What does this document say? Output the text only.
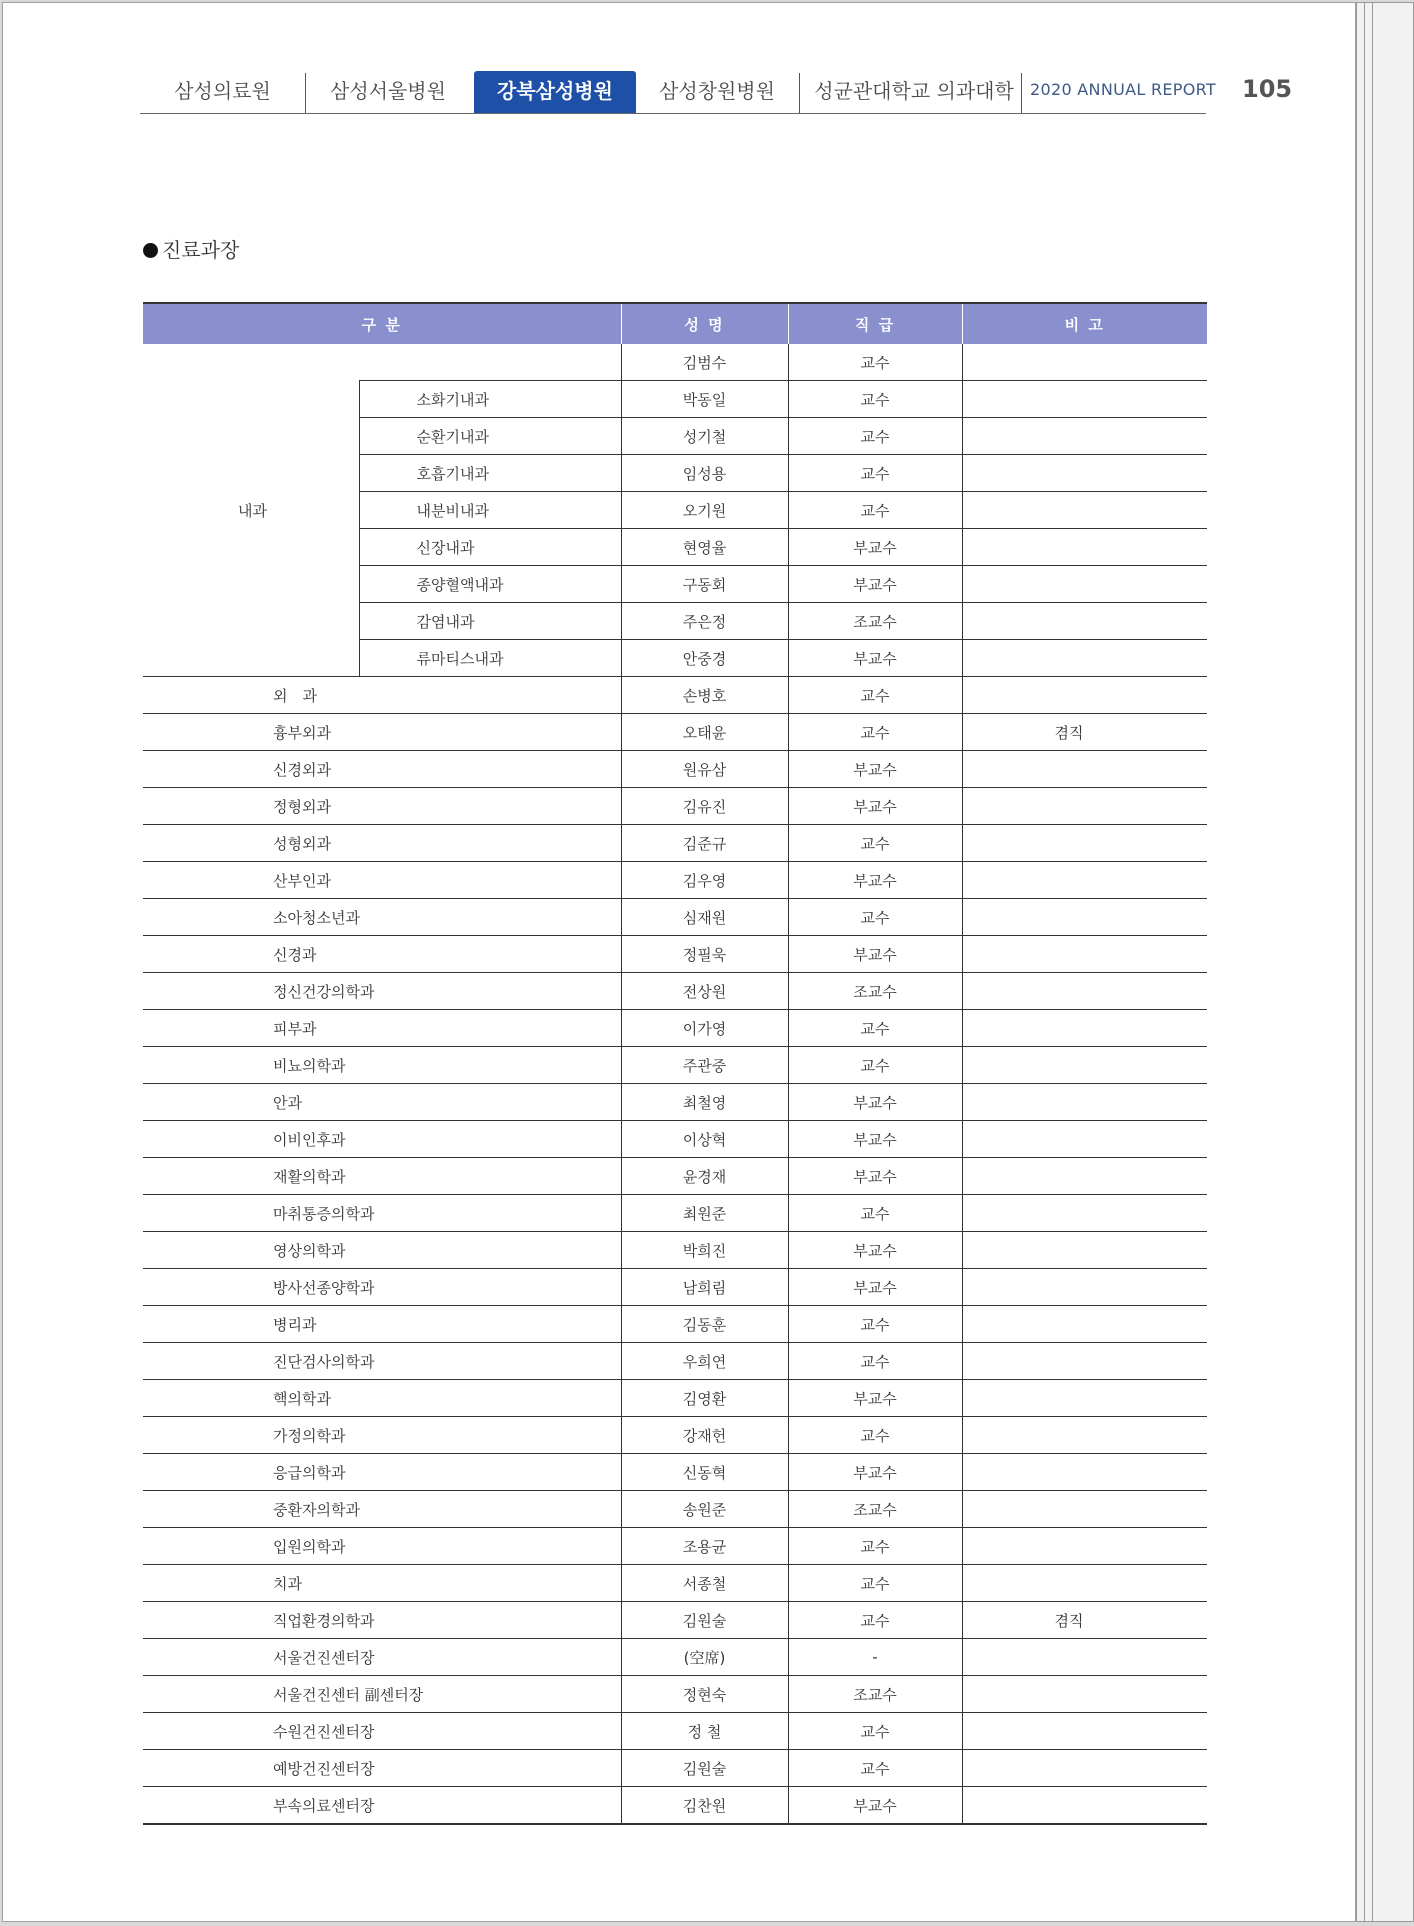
삼성의료원	삼성서울병원	강북삼성병원	삼성창원병원	성균관대학교 의과대학	2020 ANNUAL REPORT 105
진료과장
구 분		성 명	직 급	비 고
내과		김범수	교수	
	소화기내과	박동일	교수	
	순환기내과	성기철	교수	
	호흡기내과	임성용	교수	
	내분비내과	오기원	교수	
	신장내과	현영율	부교수	
	종양혈액내과	구동회	부교수	
	감염내과	주은정	조교수	
	류마티스내과	안중경	부교수	
외　과		손병호	교수	
흉부외과		오태윤	교수	겸직
신경외과		원유삼	부교수	
정형외과		김유진	부교수	
성형외과		김준규	교수	
산부인과		김우영	부교수	
소아청소년과		심재원	교수	
신경과		정필욱	부교수	
정신건강의학과		전상원	조교수	
피부과		이가영	교수	
비뇨의학과		주관중	교수	
안과		최철영	부교수	
이비인후과		이상혁	부교수	
재활의학과		윤경재	부교수	
마취통증의학과		최원준	교수	
영상의학과		박희진	부교수	
방사선종양학과		남희림	부교수	
병리과		김동훈	교수	
진단검사의학과		우희연	교수	
핵의학과		김영환	부교수	
가정의학과		강재헌	교수	
응급의학과		신동혁	부교수	
중환자의학과		송원준	조교수	
입원의학과		조용균	교수	
치과		서종철	교수	
직업환경의학과		김원술	교수	겸직
서울건진센터장		(空席)	-	
서울건진센터 副센터장		정현숙	조교수	
수원건진센터장		정 철	교수	
예방건진센터장		김원술	교수	
부속의료센터장		김찬원	부교수	
